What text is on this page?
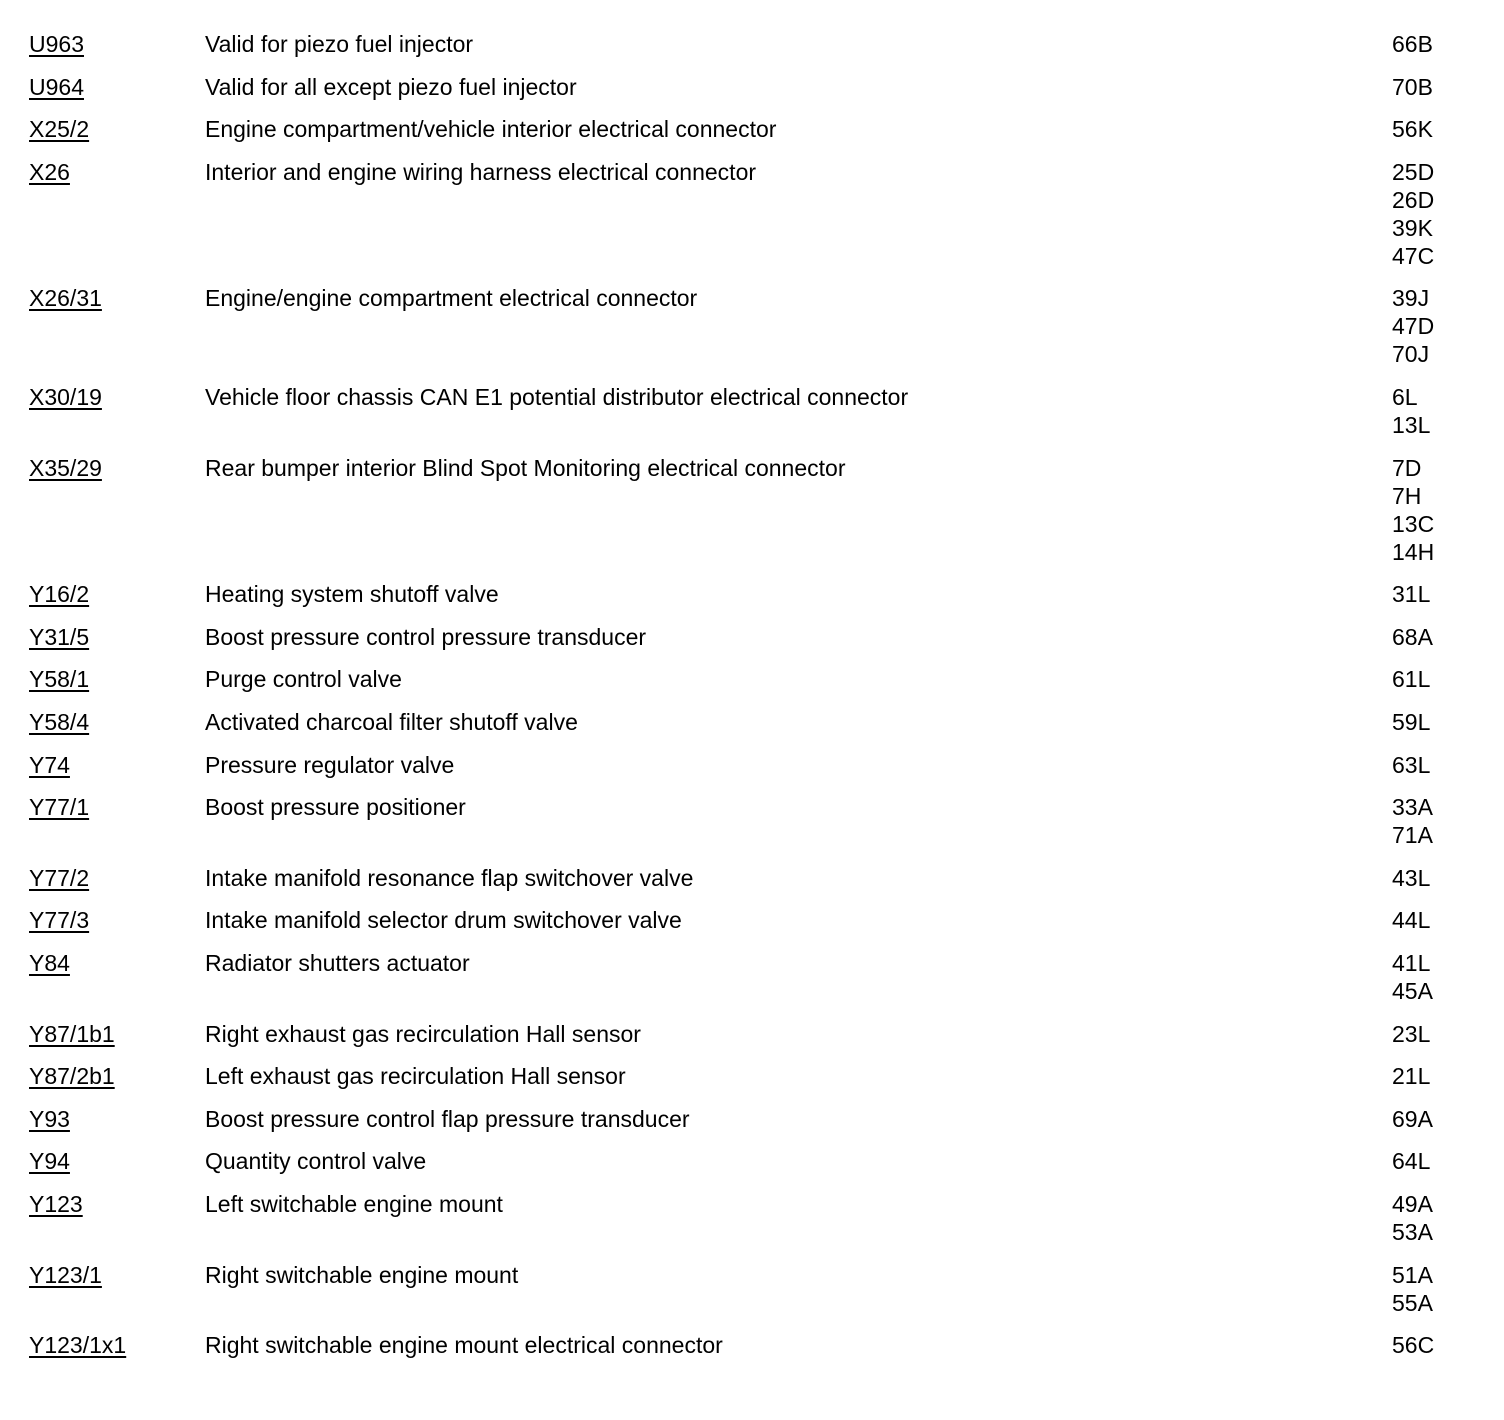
U963	Valid for piezo fuel injector	66B
U964	Valid for all except piezo fuel injector	70B
X25/2	Engine compartment/vehicle interior electrical connector	56K
X26	Interior and engine wiring harness electrical connector	25D
26D
39K
47C
X26/31	Engine/engine compartment electrical connector	39J
47D
70J
X30/19	Vehicle floor chassis CAN E1 potential distributor electrical connector	6L
13L
X35/29	Rear bumper interior Blind Spot Monitoring electrical connector	7D
7H
13C
14H
Y16/2	Heating system shutoff valve	31L
Y31/5	Boost pressure control pressure transducer	68A
Y58/1	Purge control valve	61L
Y58/4	Activated charcoal filter shutoff valve	59L
Y74	Pressure regulator valve	63L
Y77/1	Boost pressure positioner	33A
71A
Y77/2	Intake manifold resonance flap switchover valve	43L
Y77/3	Intake manifold selector drum switchover valve	44L
Y84	Radiator shutters actuator	41L
45A
Y87/1b1	Right exhaust gas recirculation Hall sensor	23L
Y87/2b1	Left exhaust gas recirculation Hall sensor	21L
Y93	Boost pressure control flap pressure transducer	69A
Y94	Quantity control valve	64L
Y123	Left switchable engine mount	49A
53A
Y123/1	Right switchable engine mount	51A
55A
Y123/1x1	Right switchable engine mount electrical connector	56C
